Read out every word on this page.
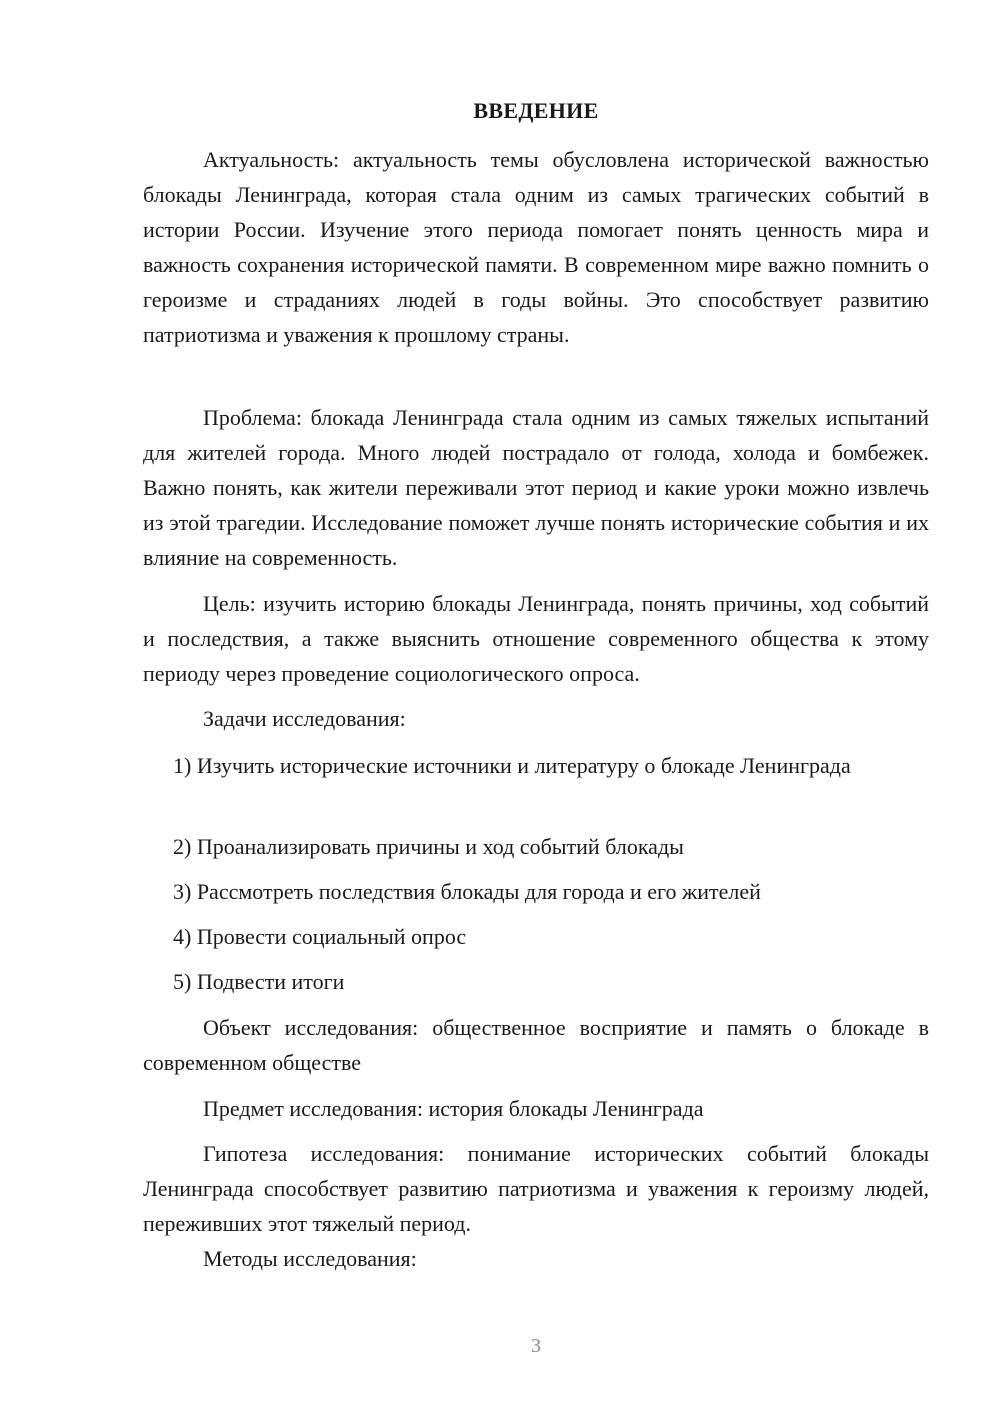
ВВЕДЕНИЕ

Актуальность: актуальность темы обусловлена исторической важностью блокады Ленинграда, которая стала одним из самых трагических событий в истории России. Изучение этого периода помогает понять ценность мира и важность сохранения исторической памяти. В современном мире важно помнить о героизме и страданиях людей в годы войны. Это способствует развитию патриотизма и уважения к прошлому страны.

Проблема: блокада Ленинграда стала одним из самых тяжелых испытаний для жителей города. Много людей пострадало от голода, холода и бомбежек. Важно понять, как жители переживали этот период и какие уроки можно извлечь из этой трагедии. Исследование поможет лучше понять исторические события и их влияние на современность.

Цель: изучить историю блокады Ленинграда, понять причины, ход событий и последствия, а также выяснить отношение современного общества к этому периоду через проведение социологического опроса.

Задачи исследования:

1) Изучить исторические источники и литературу о блокаде Ленинграда

2) Проанализировать причины и ход событий блокады

3) Рассмотреть последствия блокады для города и его жителей

4) Провести социальный опрос

5) Подвести итоги

Объект исследования: общественное восприятие и память о блокаде в современном обществе

Предмет исследования: история блокады Ленинграда

Гипотеза исследования: понимание исторических событий блокады Ленинграда способствует развитию патриотизма и уважения к героизму людей, переживших этот тяжелый период.

Методы исследования:

3
